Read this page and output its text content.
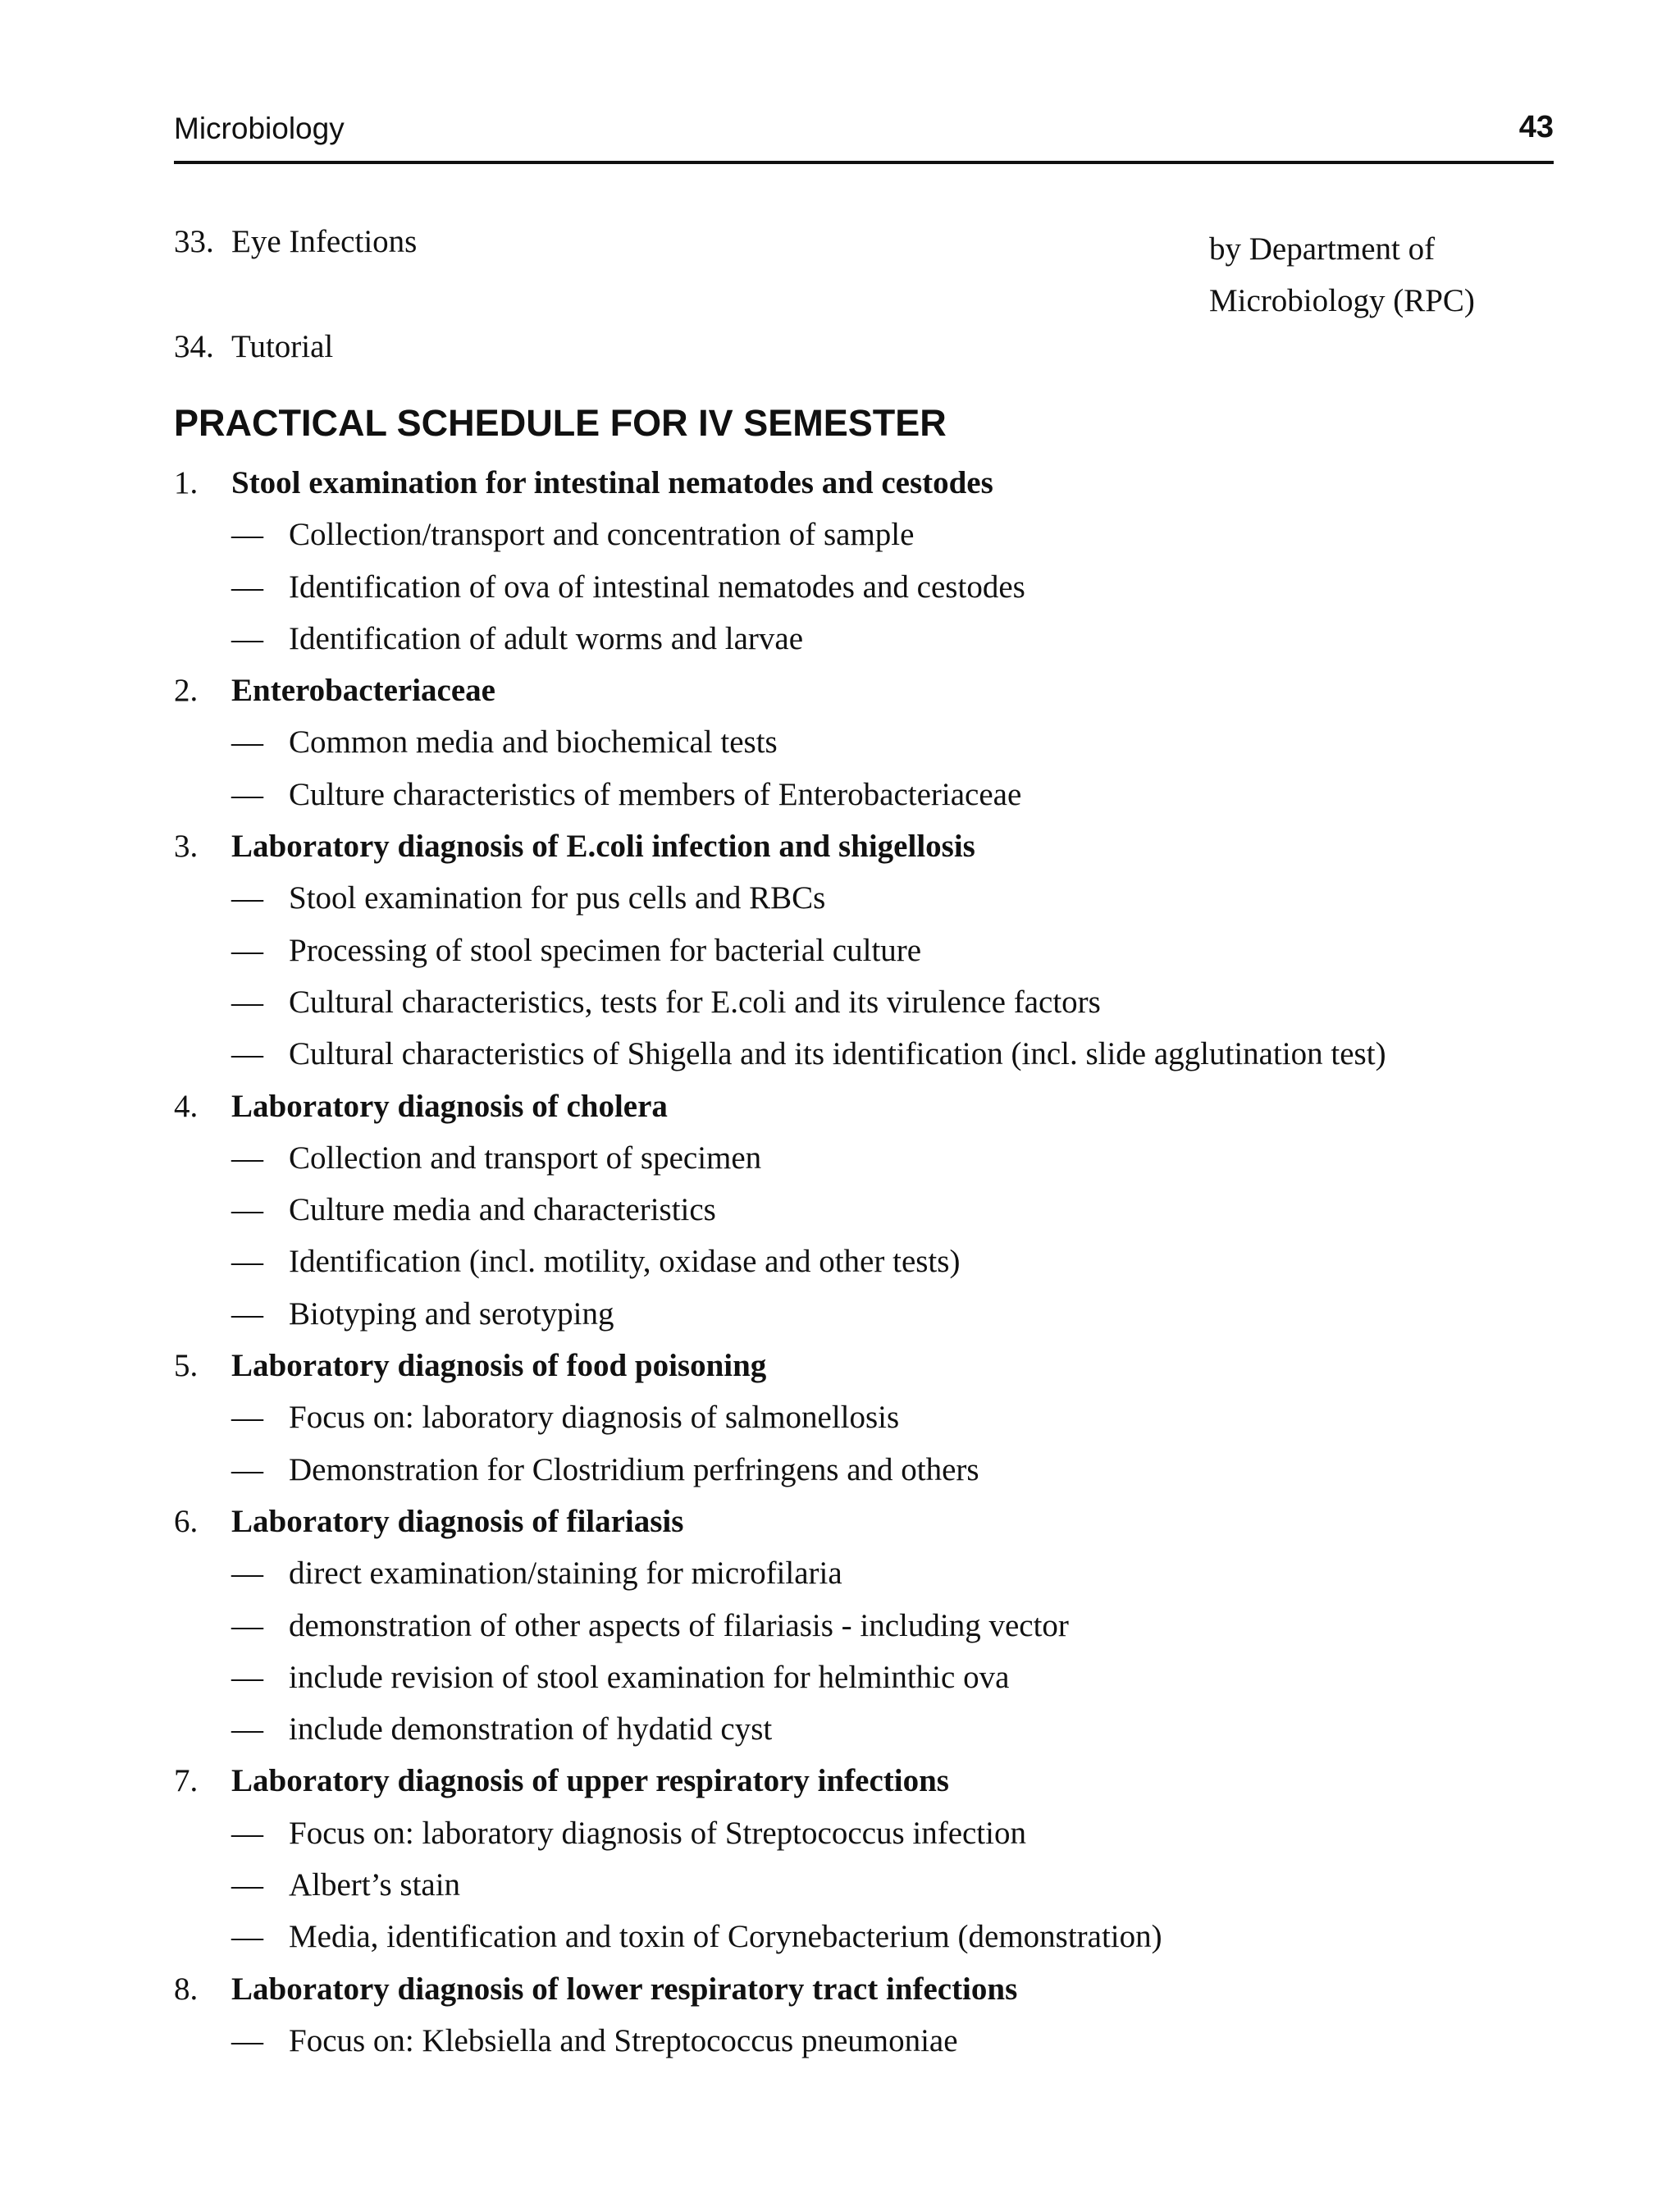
Microbiology	43
33. Eye Infections	by Department of
Microbiology (RPC)
34. Tutorial
PRACTICAL SCHEDULE FOR IV SEMESTER
1. Stool examination for intestinal nematodes and cestodes
— Collection/transport and concentration of sample
— Identification of ova of intestinal nematodes and cestodes
— Identification of adult worms and larvae
2. Enterobacteriaceae
— Common media and biochemical tests
— Culture characteristics of members of Enterobacteriaceae
3. Laboratory diagnosis of E.coli infection and shigellosis
— Stool examination for pus cells and RBCs
— Processing of stool specimen for bacterial culture
— Cultural characteristics, tests for E.coli and its virulence factors
— Cultural characteristics of Shigella and its identification (incl. slide agglutination test)
4. Laboratory diagnosis of cholera
— Collection and transport of specimen
— Culture media and characteristics
— Identification (incl. motility, oxidase and other tests)
— Biotyping and serotyping
5. Laboratory diagnosis of food poisoning
— Focus on: laboratory diagnosis of salmonellosis
— Demonstration for Clostridium perfringens and others
6. Laboratory diagnosis of filariasis
— direct examination/staining for microfilaria
— demonstration of other aspects of filariasis - including vector
— include revision of stool examination for helminthic ova
— include demonstration of hydatid cyst
7. Laboratory diagnosis of upper respiratory infections
— Focus on: laboratory diagnosis of Streptococcus infection
— Albert’s stain
— Media, identification and toxin of Corynebacterium (demonstration)
8. Laboratory diagnosis of lower respiratory tract infections
— Focus on: Klebsiella and Streptococcus pneumoniae
